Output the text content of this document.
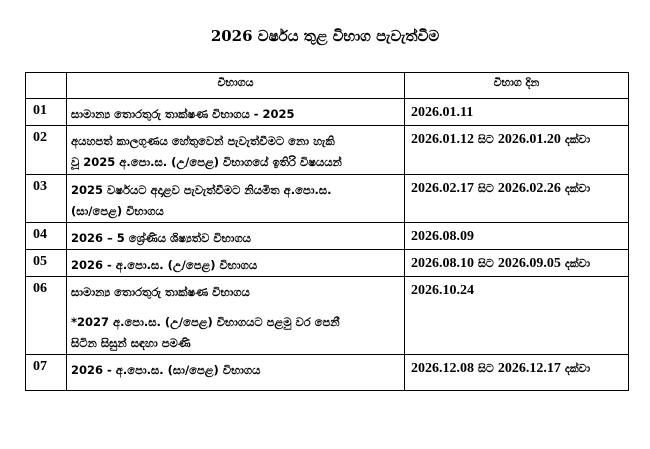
2026 වර්ෂය තුළ විභාග පැවැත්වීම
	විභාගය	විභාග දින
01	සාමාන්‍ය තොරතුරු තාක්ෂණ විභාගය - 2025	2026.01.11
02	අයහපත් කාලගුණය හේතුවෙන් පැවැත්වීමට නො හැකි
වූ 2025 අ.පො.ස. (උ/පෙළ) විභාගයේ ඉතිරි විෂයයන්	2026.01.12 සිට 2026.01.20 දක්වා
03	2025 වර්ෂයට අදාළව පැවැත්වීමට නියමිත අ.පො.ස.
(සා/පෙළ) විභාගය	2026.02.17 සිට 2026.02.26 දක්වා
04	2026 – 5 ශ්‍රේණිය ශිෂ්‍යත්ව විභාගය	2026.08.09
05	2026 - අ.පො.ස. (උ/පෙළ) විභාගය	2026.08.10 සිට 2026.09.05 දක්වා
06	සාමාන්‍ය තොරතුරු තාක්ෂණ විභාගය
*2027 අ.පො.ස. (උ/පෙළ) විභාගයට පළමු වර පෙනී
සිටින සිසුන් සඳහා පමණි	2026.10.24
07	2026 - අ.පො.ස. (සා/පෙළ) විභාගය	2026.12.08 සිට 2026.12.17 දක්වා
